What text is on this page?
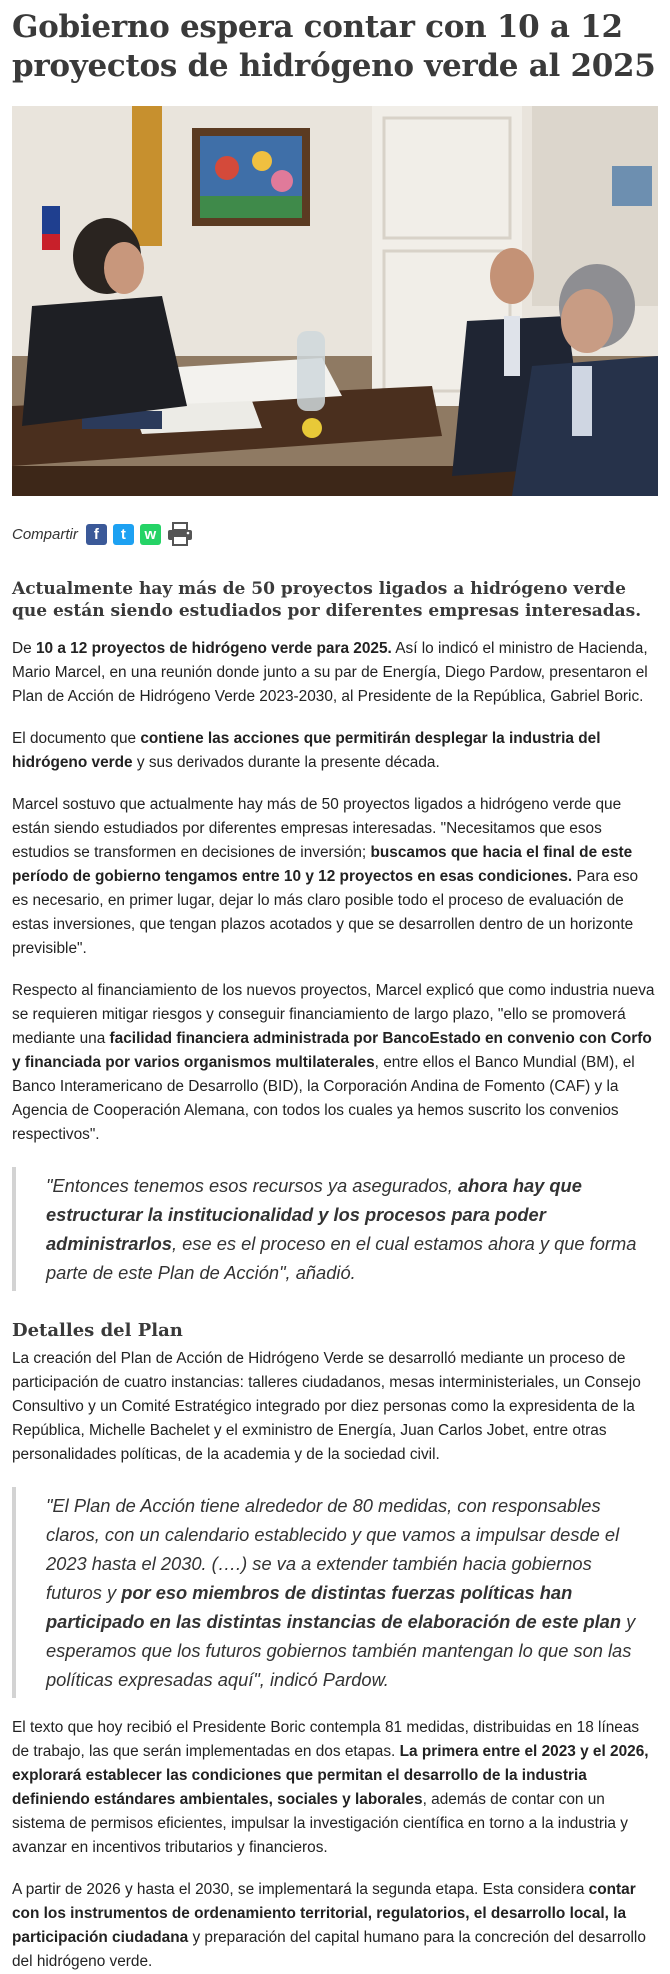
Gobierno espera contar con 10 a 12 proyectos de hidrógeno verde al 2025
Compartir f t w
Actualmente hay más de 50 proyectos ligados a hidrógeno verde que están siendo estudiados por diferentes empresas interesadas.

De 10 a 12 proyectos de hidrógeno verde para 2025. Así lo indicó el ministro de Hacienda, Mario Marcel, en una reunión donde junto a su par de Energía, Diego Pardow, presentaron el Plan de Acción de Hidrógeno Verde 2023-2030, al Presidente de la República, Gabriel Boric.

El documento que contiene las acciones que permitirán desplegar la industria del hidrógeno verde y sus derivados durante la presente década.

Marcel sostuvo que actualmente hay más de 50 proyectos ligados a hidrógeno verde que están siendo estudiados por diferentes empresas interesadas. "Necesitamos que esos estudios se transformen en decisiones de inversión; buscamos que hacia el final de este período de gobierno tengamos entre 10 y 12 proyectos en esas condiciones. Para eso es necesario, en primer lugar, dejar lo más claro posible todo el proceso de evaluación de estas inversiones, que tengan plazos acotados y que se desarrollen dentro de un horizonte previsible".

Respecto al financiamiento de los nuevos proyectos, Marcel explicó que como industria nueva se requieren mitigar riesgos y conseguir financiamiento de largo plazo, "ello se promoverá mediante una facilidad financiera administrada por BancoEstado en convenio con Corfo y financiada por varios organismos multilaterales, entre ellos el Banco Mundial (BM), el Banco Interamericano de Desarrollo (BID), la Corporación Andina de Fomento (CAF) y la Agencia de Cooperación Alemana, con todos los cuales ya hemos suscrito los convenios respectivos".

"Entonces tenemos esos recursos ya asegurados, ahora hay que estructurar la institucionalidad y los procesos para poder administrarlos, ese es el proceso en el cual estamos ahora y que forma parte de este Plan de Acción", añadió.
Detalles del Plan

La creación del Plan de Acción de Hidrógeno Verde se desarrolló mediante un proceso de participación de cuatro instancias: talleres ciudadanos, mesas interministeriales, un Consejo Consultivo y un Comité Estratégico integrado por diez personas como la expresidenta de la República, Michelle Bachelet y el exministro de Energía, Juan Carlos Jobet, entre otras personalidades políticas, de la academia y de la sociedad civil.

"El Plan de Acción tiene alrededor de 80 medidas, con responsables claros, con un calendario establecido y que vamos a impulsar desde el 2023 hasta el 2030. (….) se va a extender también hacia gobiernos futuros y por eso miembros de distintas fuerzas políticas han participado en las distintas instancias de elaboración de este plan y esperamos que los futuros gobiernos también mantengan lo que son las políticas expresadas aquí", indicó Pardow.

El texto que hoy recibió el Presidente Boric contempla 81 medidas, distribuidas en 18 líneas de trabajo, las que serán implementadas en dos etapas. La primera entre el 2023 y el 2026, explorará establecer las condiciones que permitan el desarrollo de la industria definiendo estándares ambientales, sociales y laborales, además de contar con un sistema de permisos eficientes, impulsar la investigación científica en torno a la industria y avanzar en incentivos tributarios y financieros.

A partir de 2026 y hasta el 2030, se implementará la segunda etapa. Esta considera contar con los instrumentos de ordenamiento territorial, regulatorios, el desarrollo local, la participación ciudadana y preparación del capital humano para la concreción del desarrollo del hidrógeno verde.
